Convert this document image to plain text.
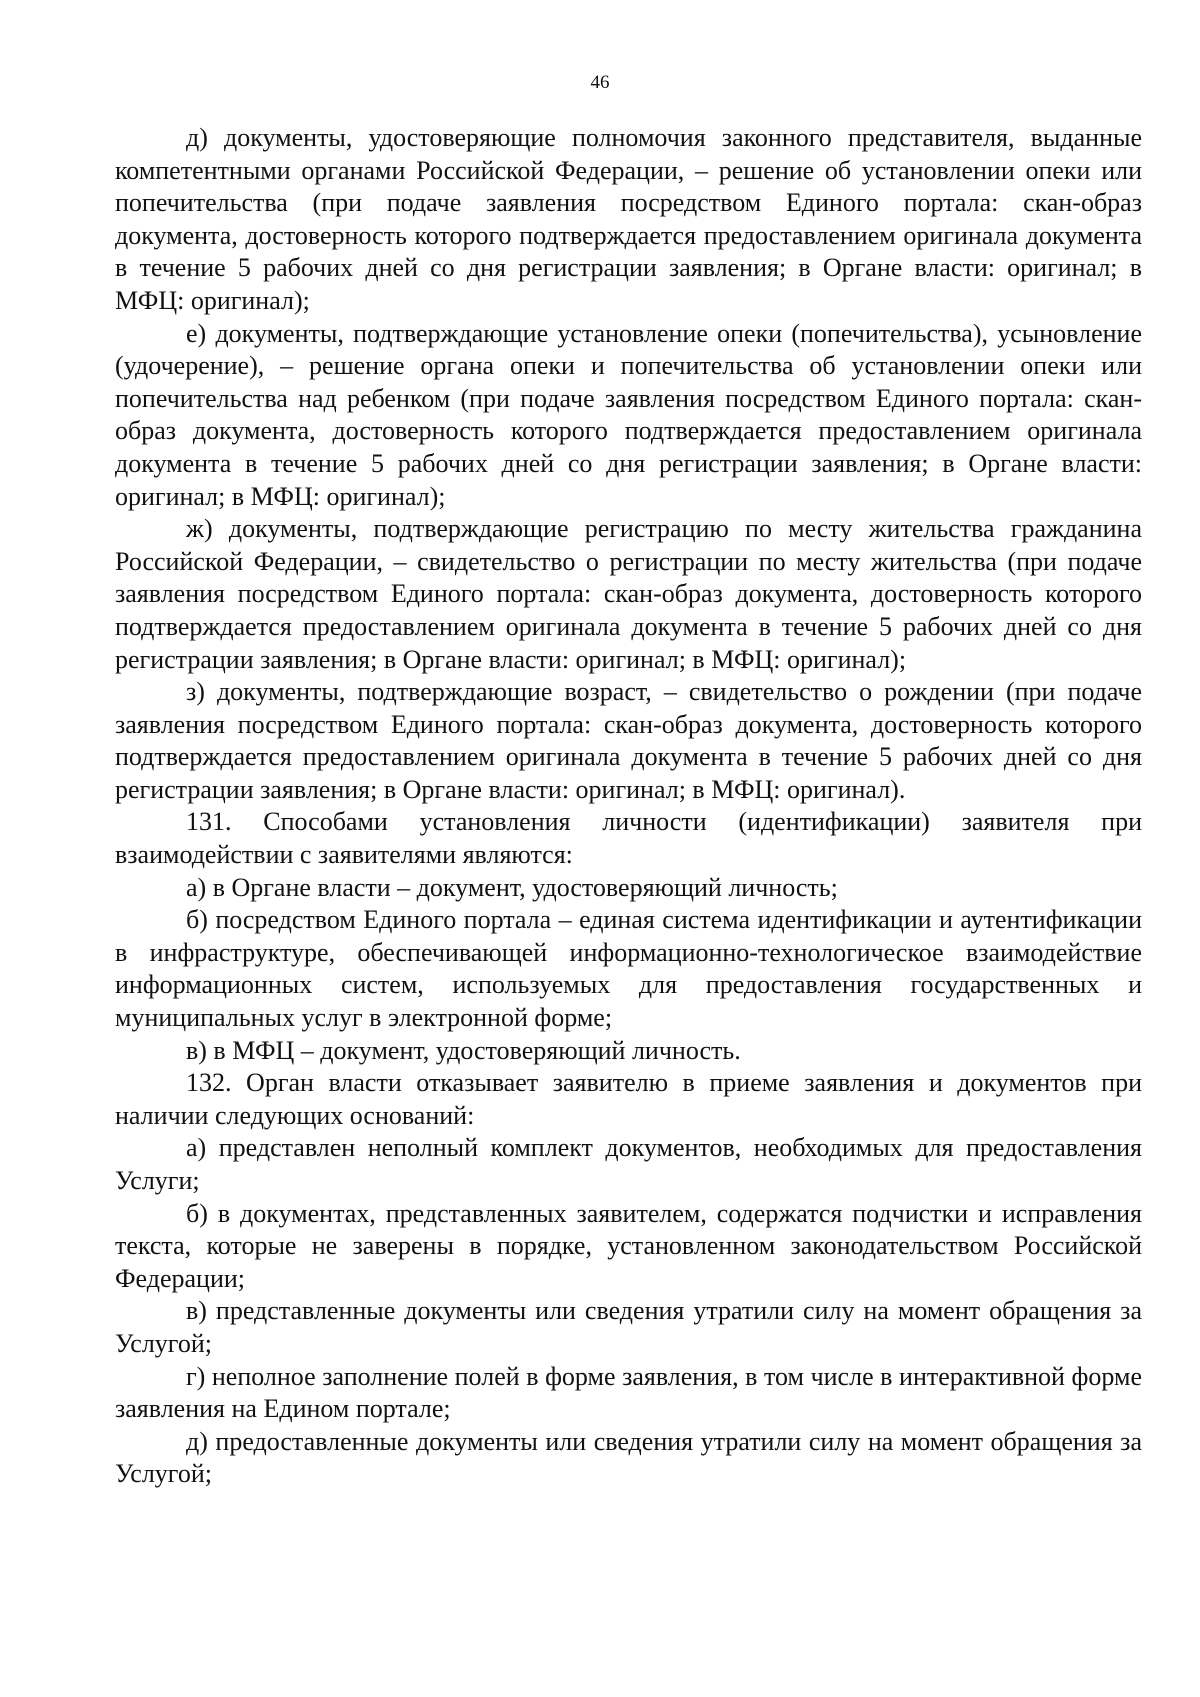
46

д) документы, удостоверяющие полномочия законного представителя, выданные компетентными органами Российской Федерации, – решение об установлении опеки или попечительства (при подаче заявления посредством Единого портала: скан-образ документа, достоверность которого подтверждается предоставлением оригинала документа в течение 5 рабочих дней со дня регистрации заявления; в Органе власти: оригинал; в МФЦ: оригинал);

е) документы, подтверждающие установление опеки (попечительства), усыновление (удочерение), – решение органа опеки и попечительства об установлении опеки или попечительства над ребенком (при подаче заявления посредством Единого портала: скан-образ документа, достоверность которого подтверждается предоставлением оригинала документа в течение 5 рабочих дней со дня регистрации заявления; в Органе власти: оригинал; в МФЦ: оригинал);

ж) документы, подтверждающие регистрацию по месту жительства гражданина Российской Федерации, – свидетельство о регистрации по месту жительства (при подаче заявления посредством Единого портала: скан-образ документа, достоверность которого подтверждается предоставлением оригинала документа в течение 5 рабочих дней со дня регистрации заявления; в Органе власти: оригинал; в МФЦ: оригинал);

з) документы, подтверждающие возраст, – свидетельство о рождении (при подаче заявления посредством Единого портала: скан-образ документа, достоверность которого подтверждается предоставлением оригинала документа в течение 5 рабочих дней со дня регистрации заявления; в Органе власти: оригинал; в МФЦ: оригинал).

131. Способами установления личности (идентификации) заявителя при взаимодействии с заявителями являются:

а) в Органе власти – документ, удостоверяющий личность;

б) посредством Единого портала – единая система идентификации и аутентификации в инфраструктуре, обеспечивающей информационно-технологическое взаимодействие информационных систем, используемых для предоставления государственных и муниципальных услуг в электронной форме;

в) в МФЦ – документ, удостоверяющий личность.

132. Орган власти отказывает заявителю в приеме заявления и документов при наличии следующих оснований:

а) представлен неполный комплект документов, необходимых для предоставления Услуги;

б) в документах, представленных заявителем, содержатся подчистки и исправления текста, которые не заверены в порядке, установленном законодательством Российской Федерации;

в) представленные документы или сведения утратили силу на момент обращения за Услугой;

г) неполное заполнение полей в форме заявления, в том числе в интерактивной форме заявления на Едином портале;

д) предоставленные документы или сведения утратили силу на момент обращения за Услугой;
